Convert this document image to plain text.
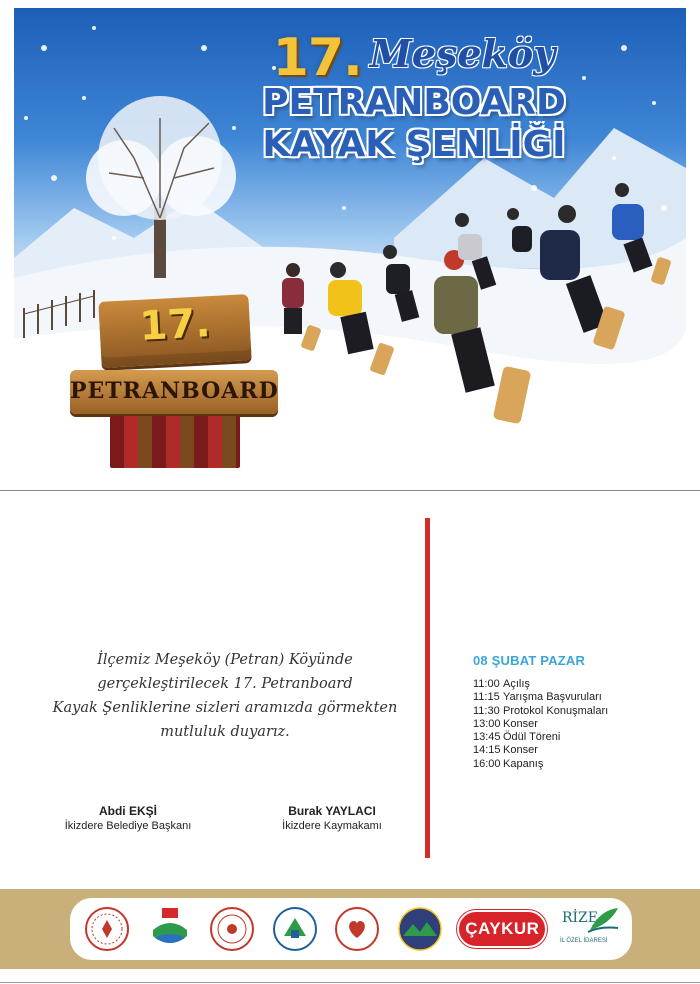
17. Meşeköy
PETRANBOARD
KAYAK ŞENLİĞİ
17.
PETRANBOARD
İlçemiz Meşeköy (Petran) Köyünde
gerçekleştirilecek 17. Petranboard
Kayak Şenliklerine sizleri aramızda görmekten
mutluluk duyarız.
Abdi EKŞİ
İkizdere Belediye Başkanı
Burak YAYLACI
İkizdere Kaymakamı
08 ŞUBAT PAZAR
11:00 Açılış
11:15 Yarışma Başvuruları
11:30 Protokol Konuşmaları
13:00 Konser
13:45 Ödül Töreni
14:15 Konser
16:00 Kapanış
ÇAYKUR
RİZE
İL ÖZEL İDARESİ
